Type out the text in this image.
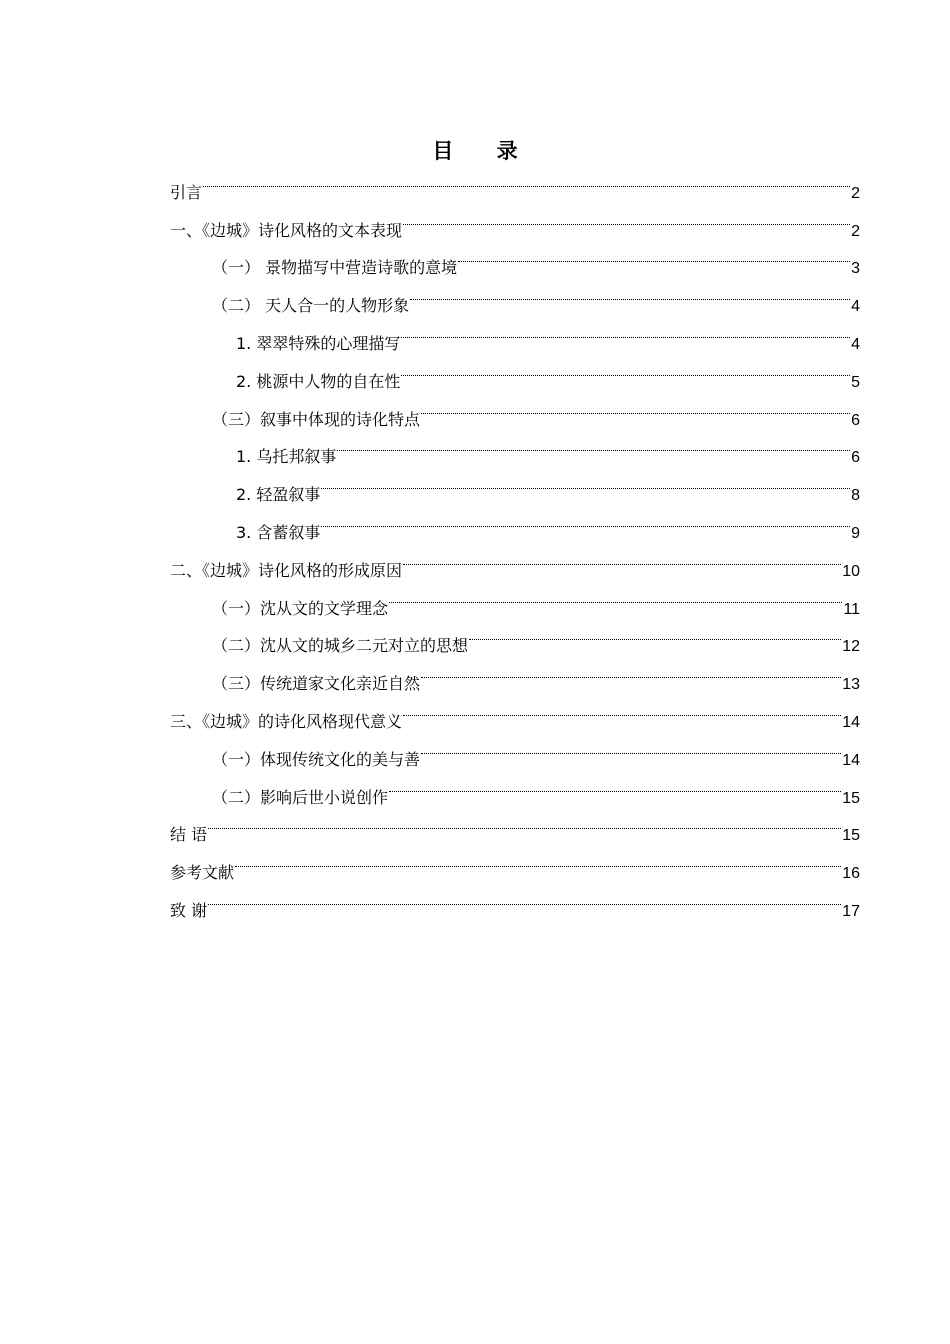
目 录
引言	2
一、《边城》诗化风格的文本表现	2
（一） 景物描写中营造诗歌的意境	3
（二） 天人合一的人物形象	4
1. 翠翠特殊的心理描写	4
2. 桃源中人物的自在性	5
（三）叙事中体现的诗化特点	6
1. 乌托邦叙事	6
2. 轻盈叙事	8
3. 含蓄叙事	9
二、《边城》诗化风格的形成原因	10
（一）沈从文的文学理念	11
（二）沈从文的城乡二元对立的思想	12
（三）传统道家文化亲近自然	13
三、《边城》的诗化风格现代意义	14
（一）体现传统文化的美与善	14
（二）影响后世小说创作	15
结 语	15
参考文献	16
致 谢	17
